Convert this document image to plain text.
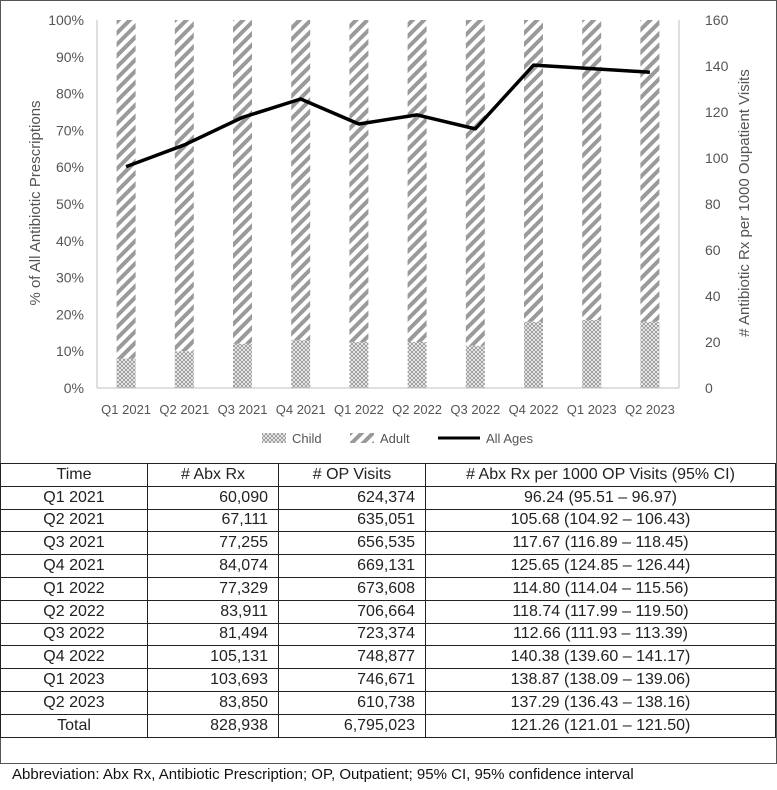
0%
10%
20%
30%
40%
50%
60%
70%
80%
90%
100%
0
20
40
60
80
100
120
140
160
Q1 2021 Q2 2021 Q3 2021 Q4 2021 Q1 2022 Q2 2022 Q3 2022 Q4 2022 Q1 2023 Q2 2023
% of All Antibiotic Prescriptions	# Antibiotic Rx per 1000 Oupatient Visits
Child	Adult	All Ages
Time	# Abx Rx	# OP Visits	# Abx Rx per 1000 OP Visits (95% CI)
Q1 2021	60,090	624,374	96.24 (95.51 – 96.97)
Q2 2021	67,111	635,051	105.68 (104.92 – 106.43)
Q3 2021	77,255	656,535	117.67 (116.89 – 118.45)
Q4 2021	84,074	669,131	125.65 (124.85 – 126.44)
Q1 2022	77,329	673,608	114.80 (114.04 – 115.56)
Q2 2022	83,911	706,664	118.74 (117.99 – 119.50)
Q3 2022	81,494	723,374	112.66 (111.93 – 113.39)
Q4 2022	105,131	748,877	140.38 (139.60 – 141.17)
Q1 2023	103,693	746,671	138.87 (138.09 – 139.06)
Q2 2023	83,850	610,738	137.29 (136.43 – 138.16)
Total	828,938	6,795,023	121.26 (121.01 – 121.50)
Abbreviation: Abx Rx, Antibiotic Prescription; OP, Outpatient; 95% CI, 95% confidence interval
